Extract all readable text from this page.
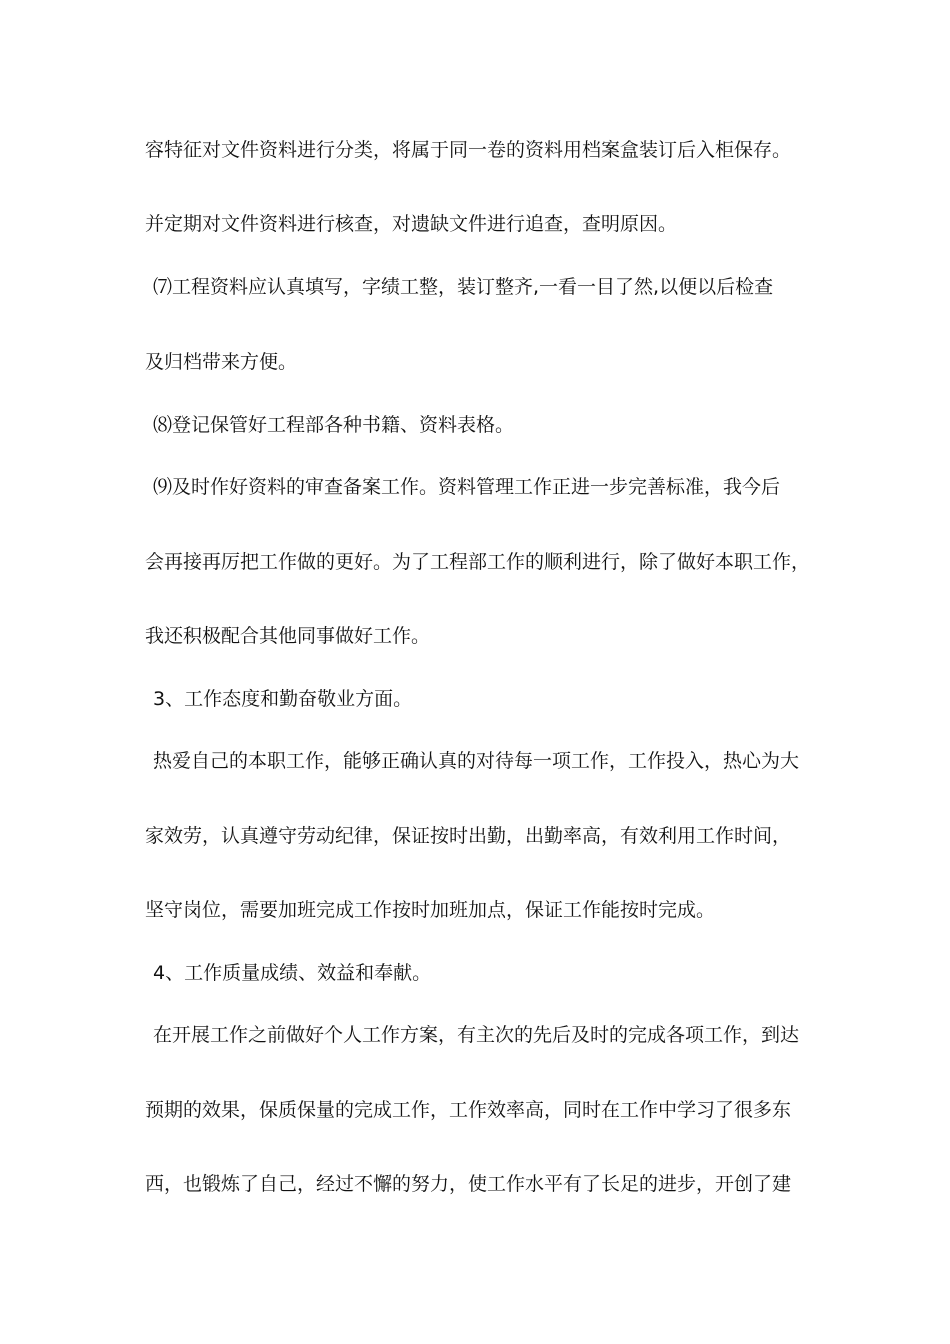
容特征对文件资料进行分类，将属于同一卷的资料用档案盒装订后入柜保存。
并定期对文件资料进行核查，对遗缺文件进行追查，查明原因。
⑺工程资料应认真填写，字绩工整，装订整齐,一看一目了然,以便以后检查
及归档带来方便。
⑻登记保管好工程部各种书籍、资料表格。
⑼及时作好资料的审查备案工作。资料管理工作正进一步完善标准，我今后
会再接再厉把工作做的更好。为了工程部工作的顺利进行，除了做好本职工作，
我还积极配合其他同事做好工作。
3、工作态度和勤奋敬业方面。
热爱自己的本职工作，能够正确认真的对待每一项工作，工作投入，热心为大
家效劳，认真遵守劳动纪律，保证按时出勤，出勤率高，有效利用工作时间，
坚守岗位，需要加班完成工作按时加班加点，保证工作能按时完成。
4、工作质量成绩、效益和奉献。
在开展工作之前做好个人工作方案，有主次的先后及时的完成各项工作，到达
预期的效果，保质保量的完成工作，工作效率高，同时在工作中学习了很多东
西，也锻炼了自己，经过不懈的努力，使工作水平有了长足的进步，开创了建
